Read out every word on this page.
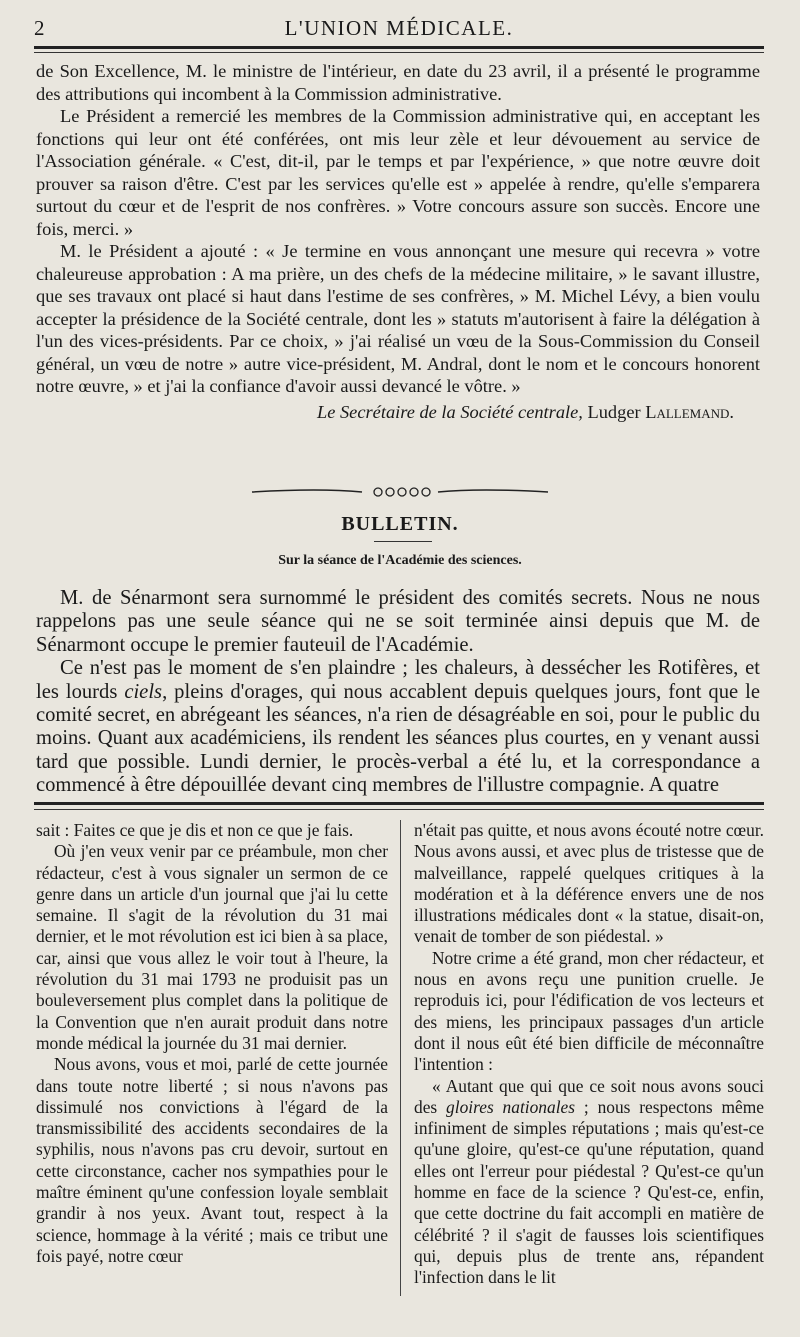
2	L'UNION MÉDICALE.

de Son Excellence, M. le ministre de l'intérieur, en date du 23 avril, il a présenté le programme des attributions qui incombent à la Commission administrative.

Le Président a remercié les membres de la Commission administrative qui, en acceptant les fonctions qui leur ont été conférées, ont mis leur zèle et leur dévouement au service de l'Association générale. « C'est, dit-il, par le temps et par l'expérience, » que notre œuvre doit prouver sa raison d'être. C'est par les services qu'elle est » appelée à rendre, qu'elle s'emparera surtout du cœur et de l'esprit de nos confrères. » Votre concours assure son succès. Encore une fois, merci. »

M. le Président a ajouté : « Je termine en vous annonçant une mesure qui recevra » votre chaleureuse approbation : A ma prière, un des chefs de la médecine militaire, » le savant illustre, que ses travaux ont placé si haut dans l'estime de ses confrères, » M. Michel Lévy, a bien voulu accepter la présidence de la Société centrale, dont les » statuts m'autorisent à faire la délégation à l'un des vices-présidents. Par ce choix, » j'ai réalisé un vœu de la Sous-Commission du Conseil général, un vœu de notre » autre vice-président, M. Andral, dont le nom et le concours honorent notre œuvre, » et j'ai la confiance d'avoir aussi devancé le vôtre. »

Le Secrétaire de la Société centrale, Ludger Lallemand.
BULLETIN.
Sur la séance de l'Académie des sciences.

M. de Sénarmont sera surnommé le président des comités secrets. Nous ne nous rappelons pas une seule séance qui ne se soit terminée ainsi depuis que M. de Sénarmont occupe le premier fauteuil de l'Académie.

Ce n'est pas le moment de s'en plaindre ; les chaleurs, à dessécher les Rotifères, et les lourds ciels, pleins d'orages, qui nous accablent depuis quelques jours, font que le comité secret, en abrégeant les séances, n'a rien de désagréable en soi, pour le public du moins. Quant aux académiciens, ils rendent les séances plus courtes, en y venant aussi tard que possible. Lundi dernier, le procès-verbal a été lu, et la correspondance a commencé à être dépouillée devant cinq membres de l'illustre compagnie. A quatre

sait : Faites ce que je dis et non ce que je fais.

Où j'en veux venir par ce préambule, mon cher rédacteur, c'est à vous signaler un sermon de ce genre dans un article d'un journal que j'ai lu cette semaine. Il s'agit de la révolution du 31 mai dernier, et le mot révolution est ici bien à sa place, car, ainsi que vous allez le voir tout à l'heure, la révolution du 31 mai 1793 ne produisit pas un bouleversement plus complet dans la politique de la Convention que n'en aurait produit dans notre monde médical la journée du 31 mai dernier.

Nous avons, vous et moi, parlé de cette journée dans toute notre liberté ; si nous n'avons pas dissimulé nos convictions à l'égard de la transmissibilité des accidents secondaires de la syphilis, nous n'avons pas cru devoir, surtout en cette circonstance, cacher nos sympathies pour le maître éminent qu'une confession loyale semblait grandir à nos yeux. Avant tout, respect à la science, hommage à la vérité ; mais ce tribut une fois payé, notre cœur

n'était pas quitte, et nous avons écouté notre cœur. Nous avons aussi, et avec plus de tristesse que de malveillance, rappelé quelques critiques à la modération et à la déférence envers une de nos illustrations médicales dont « la statue, disait-on, venait de tomber de son piédestal. »

Notre crime a été grand, mon cher rédacteur, et nous en avons reçu une punition cruelle. Je reproduis ici, pour l'édification de vos lecteurs et des miens, les principaux passages d'un article dont il nous eût été bien difficile de méconnaître l'intention :

« Autant que qui que ce soit nous avons souci des gloires nationales ; nous respectons même infiniment de simples réputations ; mais qu'est-ce qu'une gloire, qu'est-ce qu'une réputation, quand elles ont l'erreur pour piédestal ? Qu'est-ce qu'un homme en face de la science ? Qu'est-ce, enfin, que cette doctrine du fait accompli en matière de célébrité ? il s'agit de fausses lois scientifiques qui, depuis plus de trente ans, répandent l'infection dans le lit
